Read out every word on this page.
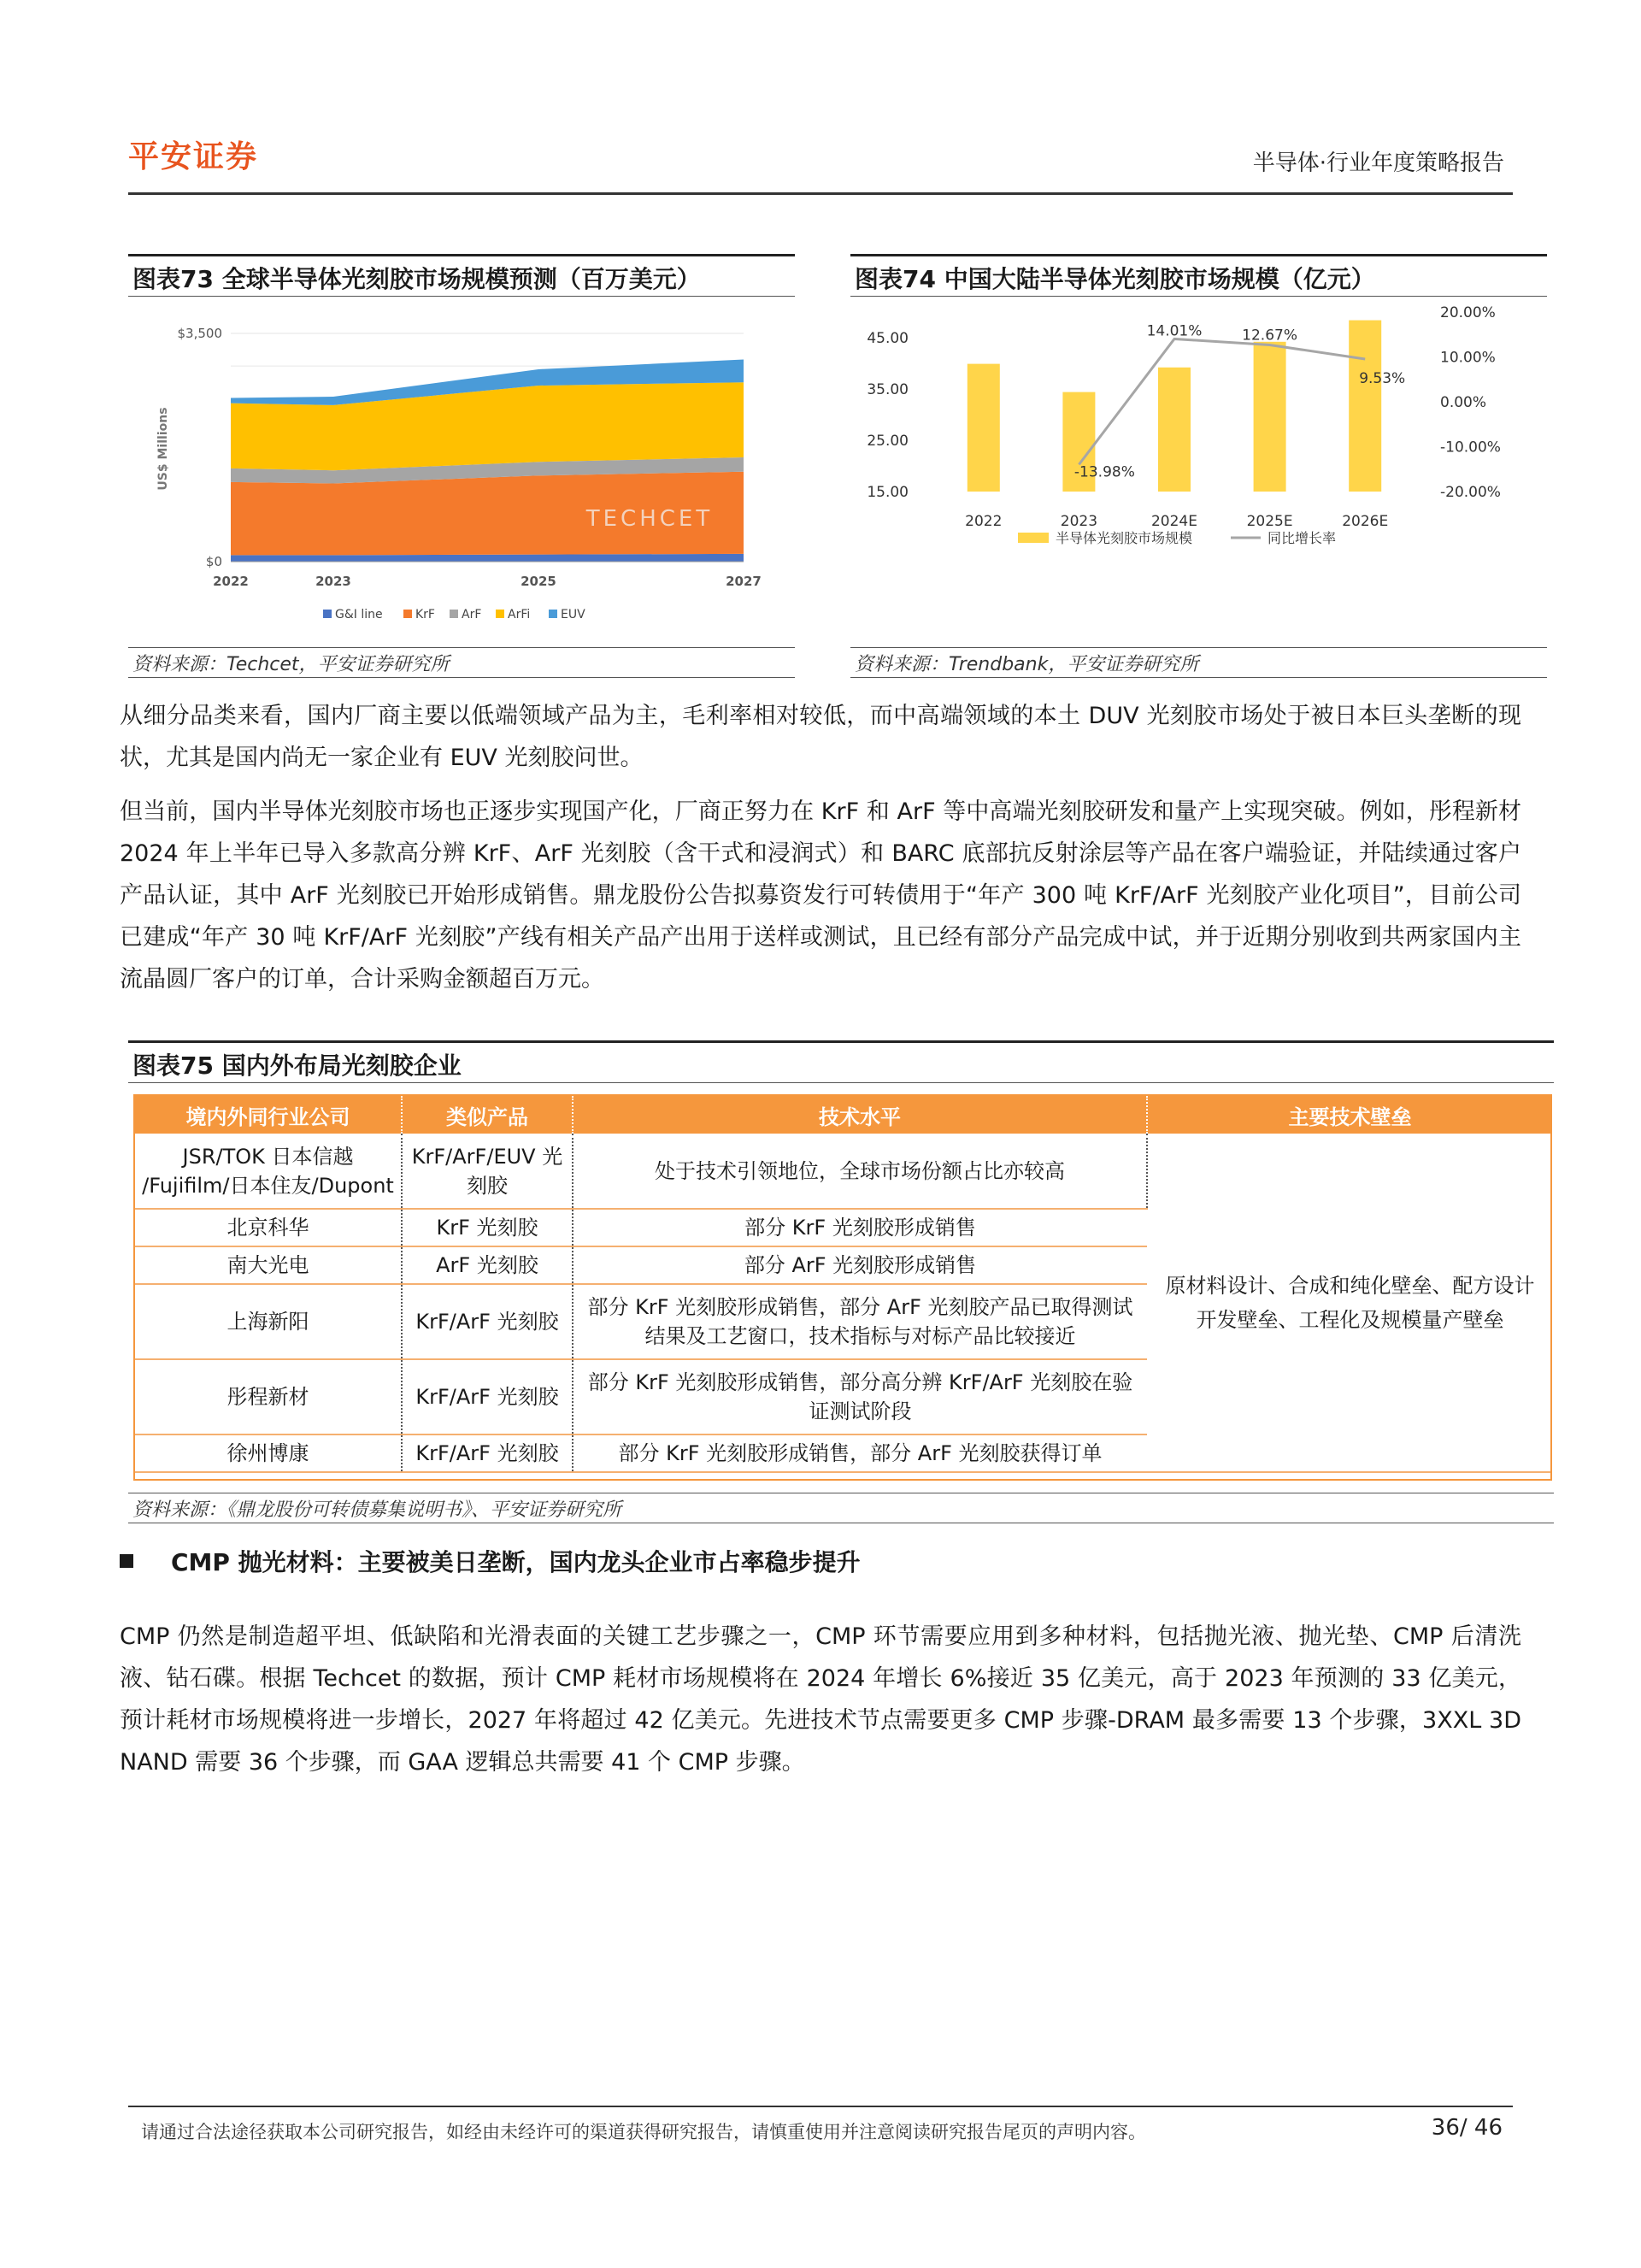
平安证券	半导体·行业年度策略报告
图表73 全球半导体光刻胶市场规模预测（百万美元）
2022	2023	2025	2027
$3,500
$0
US$ Millions
TECHCET
G&I line	KrF ArF ArFi	EUV
资料来源：Techcet，平安证券研究所
图表74 中国大陆半导体光刻胶市场规模（亿元）
-13.98%
14.01%	12.67%
9.53%
15.00
25.00
35.00
45.00
-20.00%
-10.00%
0.00%
10.00%
20.00%
2022	2023	2024E	2025E	2026E
半导体光刻胶市场规模	同比增长率
资料来源：Trendbank，平安证券研究所

从细分品类来看，国内厂商主要以低端领域产品为主，毛利率相对较低，而中高端领域的本土 DUV 光刻胶市场处于被日本巨头垄断的现状，尤其是国内尚无一家企业有 EUV 光刻胶问世。

但当前，国内半导体光刻胶市场也正逐步实现国产化，厂商正努力在 KrF 和 ArF 等中高端光刻胶研发和量产上实现突破。例如，彤程新材 2024 年上半年已导入多款高分辨 KrF、ArF 光刻胶（含干式和浸润式）和 BARC 底部抗反射涂层等产品在客户端验证，并陆续通过客户产品认证，其中 ArF 光刻胶已开始形成销售。鼎龙股份公告拟募资发行可转债用于“年产 300 吨 KrF/ArF 光刻胶产业化项目”，目前公司已建成“年产 30 吨 KrF/ArF 光刻胶”产线有相关产品产出用于送样或测试，且已经有部分产品完成中试，并于近期分别收到共两家国内主流晶圆厂客户的订单，合计采购金额超百万元。

图表75 国内外布局光刻胶企业
境内外同行业公司	类似产品	技术水平	主要技术壁垒
JSR/TOK 日本信越 /Fujifilm/日本住友/Dupont	KrF/ArF/EUV 光刻胶	处于技术引领地位，全球市场份额占比亦较高	原材料设计、合成和纯化壁垒、配方设计开发壁垒、工程化及规模量产壁垒
北京科华	KrF 光刻胶	部分 KrF 光刻胶形成销售	
南大光电	ArF 光刻胶	部分 ArF 光刻胶形成销售	
上海新阳	KrF/ArF 光刻胶	部分 KrF 光刻胶形成销售，部分 ArF 光刻胶产品已取得测试结果及工艺窗口，技术指标与对标产品比较接近	
彤程新材	KrF/ArF 光刻胶	部分 KrF 光刻胶形成销售，部分高分辨 KrF/ArF 光刻胶在验证测试阶段	
徐州博康	KrF/ArF 光刻胶	部分 KrF 光刻胶形成销售，部分 ArF 光刻胶获得订单	
资料来源：《鼎龙股份可转债募集说明书》、平安证券研究所
CMP 抛光材料：主要被美日垄断，国内龙头企业市占率稳步提升

CMP 仍然是制造超平坦、低缺陷和光滑表面的关键工艺步骤之一，CMP 环节需要应用到多种材料，包括抛光液、抛光垫、CMP 后清洗液、钻石碟。根据 Techcet 的数据，预计 CMP 耗材市场规模将在 2024 年增长 6%接近 35 亿美元，高于 2023 年预测的 33 亿美元，预计耗材市场规模将进一步增长，2027 年将超过 42 亿美元。先进技术节点需要更多 CMP 步骤-DRAM 最多需要 13 个步骤，3XXL 3D NAND 需要 36 个步骤，而 GAA 逻辑总共需要 41 个 CMP 步骤。

请通过合法途径获取本公司研究报告，如经由未经许可的渠道获得研究报告，请慎重使用并注意阅读研究报告尾页的声明内容。	36/ 46
